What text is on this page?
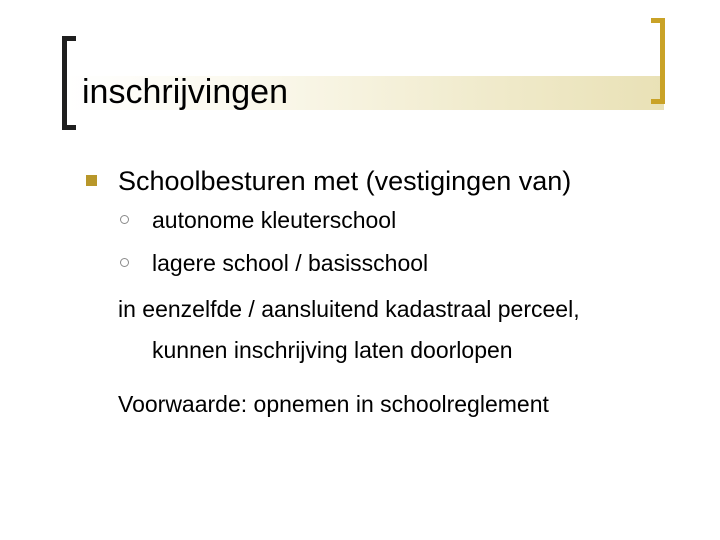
inschrijvingen
Schoolbesturen met (vestigingen van)
autonome kleuterschool
lagere school / basisschool
in eenzelfde / aansluitend kadastraal perceel,
kunnen inschrijving laten doorlopen
Voorwaarde: opnemen in schoolreglement
